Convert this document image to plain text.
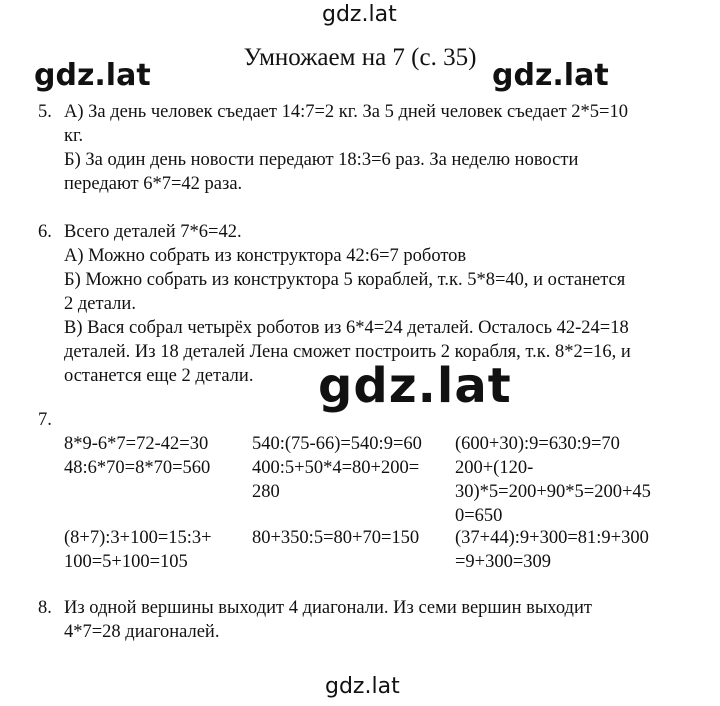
gdz.lat
gdz.lat	gdz.lat
gdz.lat
gdz.lat
Умножаем на 7 (с. 35)
5. А) За день человек съедает 14:7=2 кг. За 5 дней человек съедает 2*5=10
кг.
Б) За один день новости передают 18:3=6 раз. За неделю новости
передают 6*7=42 раза.
6. Всего деталей 7*6=42.
А) Можно собрать из конструктора 42:6=7 роботов
Б) Можно собрать из конструктора 5 кораблей, т.к. 5*8=40, и останется
2 детали.
В) Вася собрал четырёх роботов из 6*4=24 деталей. Осталось 42-24=18
деталей. Из 18 деталей Лена сможет построить 2 корабля, т.к. 8*2=16, и
останется еще 2 детали.
7.
8*9-6*7=72-42=30
48:6*70=8*70=560
540:(75-66)=540:9=60
400:5+50*4=80+200=
280
(600+30):9=630:9=70
200+(120-
30)*5=200+90*5=200+45
0=650
(8+7):3+100=15:3+
100=5+100=105
80+350:5=80+70=150 (37+44):9+300=81:9+300
=9+300=309
8. Из одной вершины выходит 4 диагонали. Из семи вершин выходит
4*7=28 диагоналей.
